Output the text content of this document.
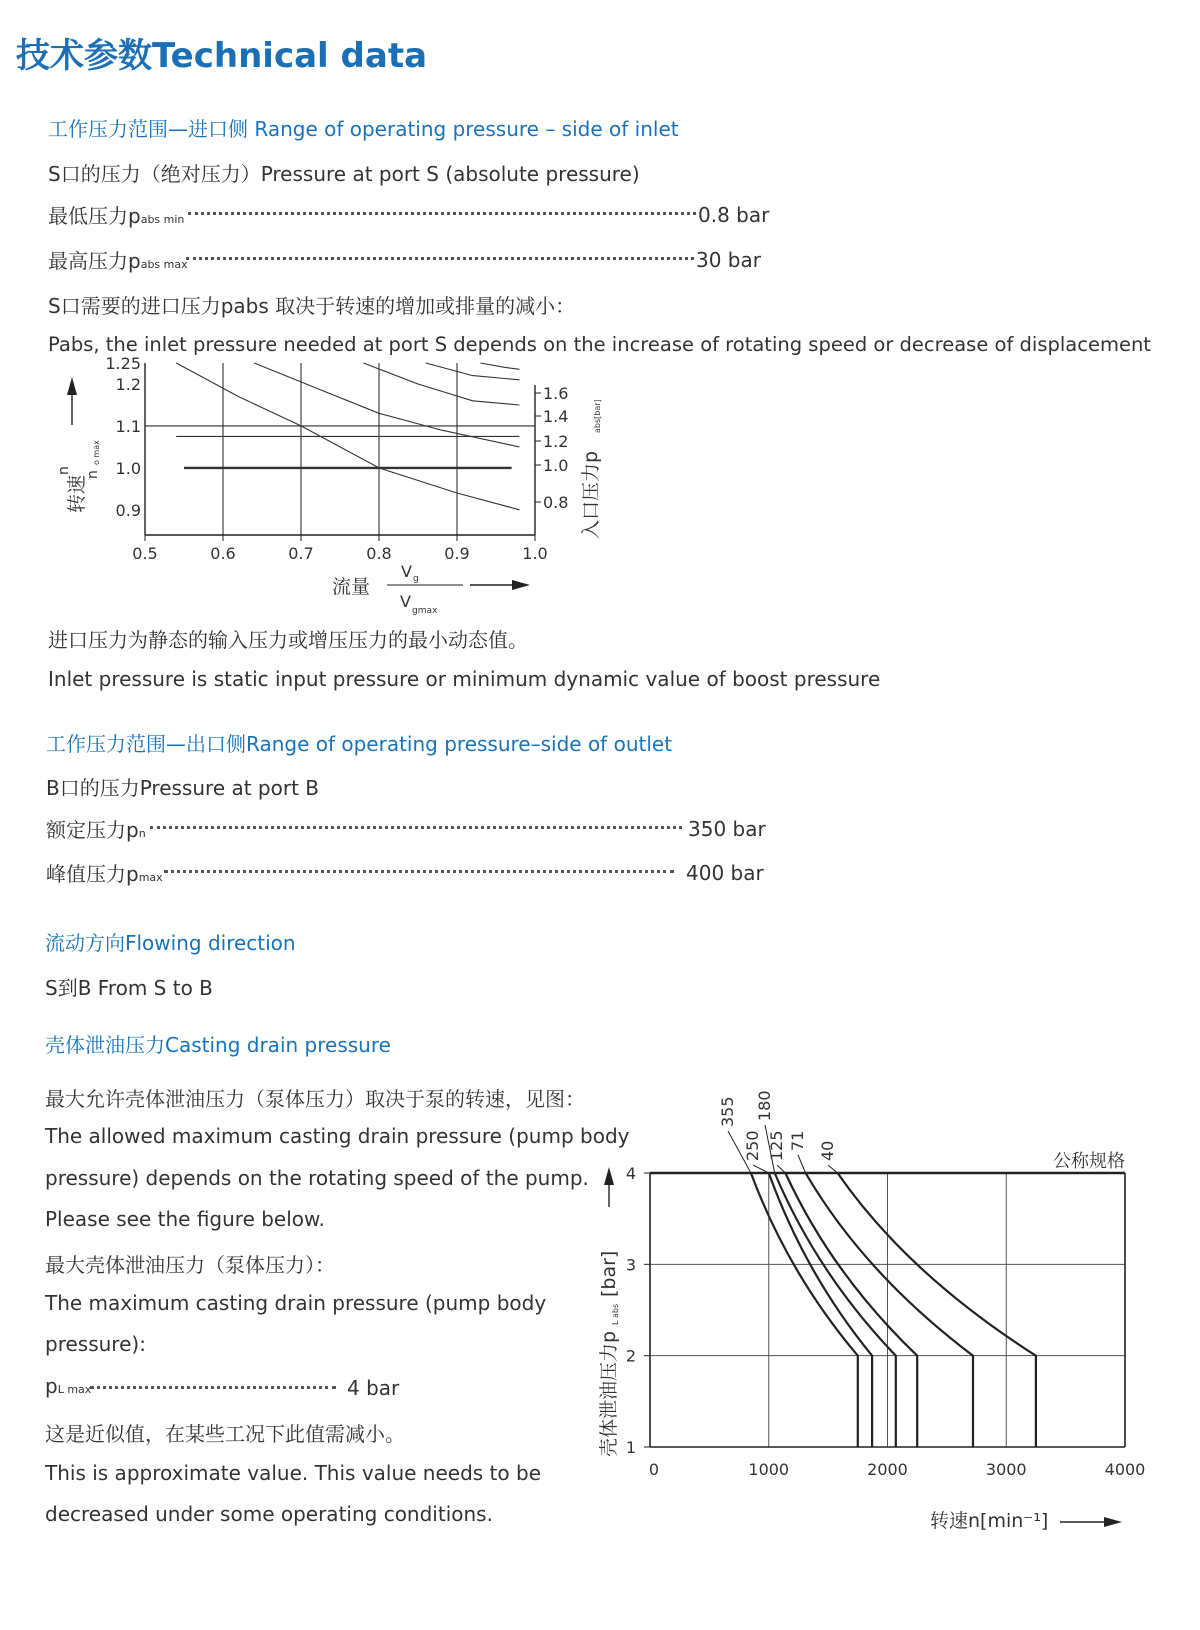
技术参数Technical data
工作压力范围—进口侧 Range of operating pressure – side of inlet
S口的压力（绝对压力）Pressure at port S (absolute pressure)
最低压力pabs min	0.8 bar
最高压力pabs max	30 bar
S口需要的进口压力pabs 取决于转速的增加或排量的减小：
Pabs, the inlet pressure needed at port S depends on the increase of rotating speed or decrease of displacement
1.25
1.2
1.1
1.0
0.9
0.5	0.6	0.7	0.8	0.9	1.0
1.6
1.4
1.2
1.0
0.8
流量
V g
V gmax
转速
n n
o max	入口压力p
abs[bar]
进口压力为静态的输入压力或增压压力的最小动态值。
Inlet pressure is static input pressure or minimum dynamic value of boost pressure
工作压力范围—出口侧Range of operating pressure–side of outlet
B口的压力Pressure at port B
额定压力pn	350 bar
峰值压力pmax	400 bar
流动方向Flowing direction
S到B From S to B
壳体泄油压力Casting drain pressure
最大允许壳体泄油压力（泵体压力）取决于泵的转速，见图：
The allowed maximum casting drain pressure (pump body
pressure) depends on the rotating speed of the pump.
Please see the figure below.
最大壳体泄油压力（泵体压力）：
The maximum casting drain pressure (pump body
pressure):
pL max	4 bar
这是近似值，在某些工况下此值需减小。
This is approximate value. This value needs to be
decreased under some operating conditions.
355
250
180
125 71 40
1
2
3
4
0	1000	2000	3000	4000
公称规格
转速n[min⁻¹]
壳体泄油压力p
L abs
[bar]
